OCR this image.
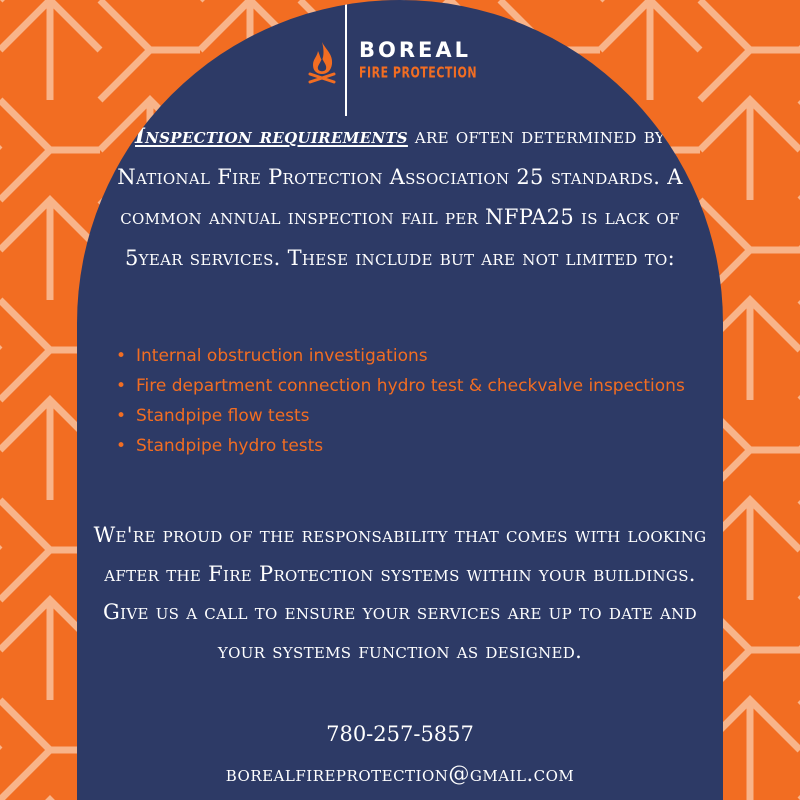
BOREAL
FIRE PROTECTION

Inspection requirements are often determined by National Fire Protection Association 25 standards. A common annual inspection fail per NFPA25 is lack of 5year services. These include but are not limited to:

• Internal obstruction investigations
• Fire department connection hydro test & checkvalve inspections
• Standpipe flow tests
• Standpipe hydro tests

We're proud of the responsability that comes with looking after the Fire Protection systems within your buildings. Give us a call to ensure your services are up to date and your systems function as designed.

780-257-5857
borealfireprotection@gmail.com
